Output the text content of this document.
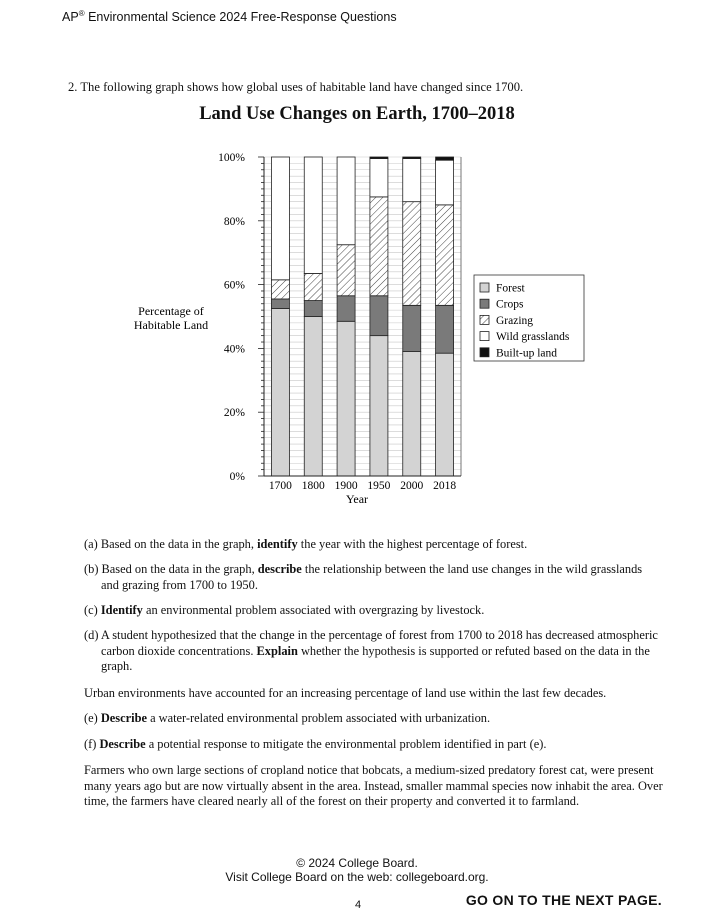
AP® Environmental Science 2024 Free-Response Questions
2. The following graph shows how global uses of habitable land have changed since 1700.
Land Use Changes on Earth, 1700–2018
1700 1800 1900 1950 2000 2018
0%
20%
40%
60%
80%
100%
Percentage of
Habitable Land
Year
Forest
Crops
Grazing
Wild grasslands
Built-up land
(a) Based on the data in the graph, identify the year with the highest percentage of forest.
(b) Based on the data in the graph, describe the relationship between the land use changes in the wild grasslands and grazing from 1700 to 1950.
(c) Identify an environmental problem associated with overgrazing by livestock.
(d) A student hypothesized that the change in the percentage of forest from 1700 to 2018 has decreased atmospheric carbon dioxide concentrations. Explain whether the hypothesis is supported or refuted based on the data in the graph.
Urban environments have accounted for an increasing percentage of land use within the last few decades.
(e) Describe a water-related environmental problem associated with urbanization.
(f) Describe a potential response to mitigate the environmental problem identified in part (e).
Farmers who own large sections of cropland notice that bobcats, a medium-sized predatory forest cat, were present many years ago but are now virtually absent in the area. Instead, smaller mammal species now inhabit the area. Over time, the farmers have cleared nearly all of the forest on their property and converted it to farmland.
© 2024 College Board.
Visit College Board on the web: collegeboard.org.
4	GO ON TO THE NEXT PAGE.
